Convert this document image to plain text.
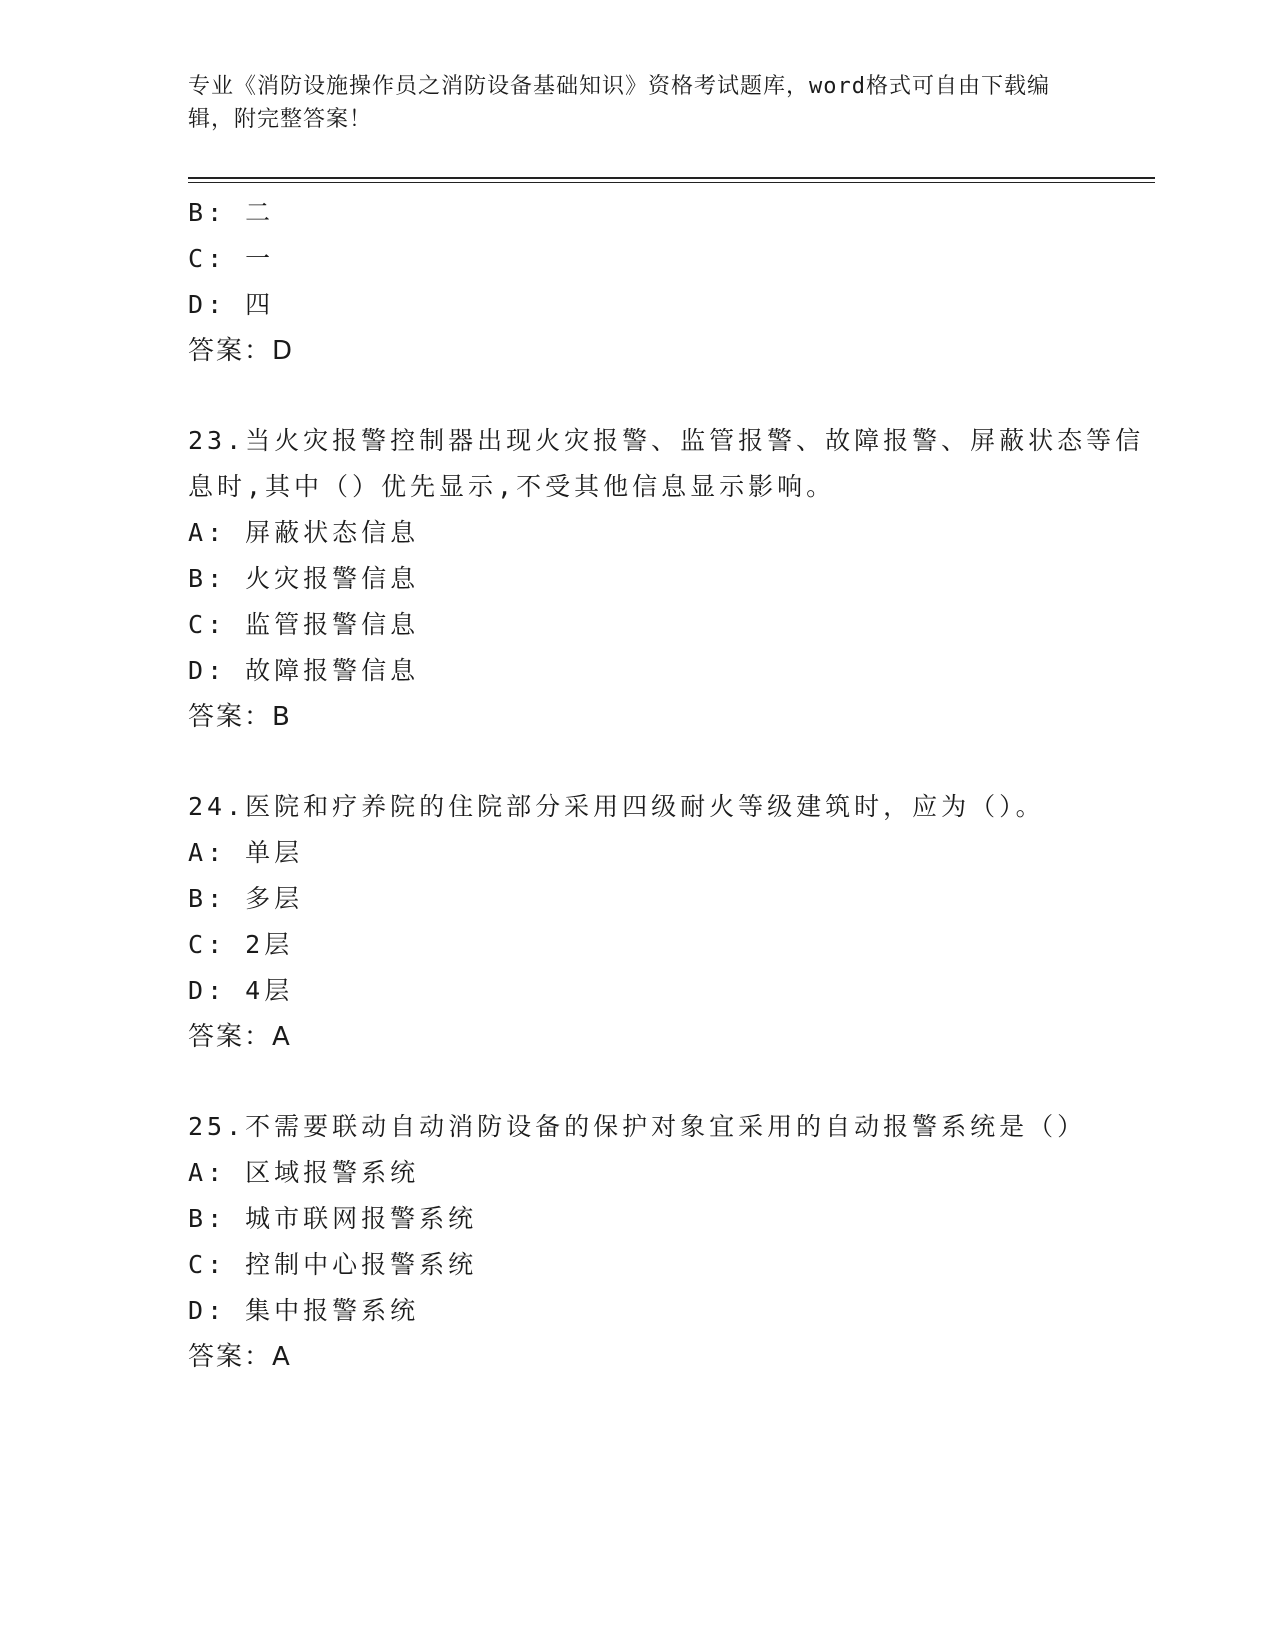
专业《消防设施操作员之消防设备基础知识》资格考试题库，word格式可自由下载编辑，附完整答案！
B: 二
C: 一
D: 四
答案：D
23.当火灾报警控制器出现火灾报警、监管报警、故障报警、屏蔽状态等信息时,其中（）优先显示,不受其他信息显示影响。
A: 屏蔽状态信息
B: 火灾报警信息
C: 监管报警信息
D: 故障报警信息
答案：B
24.医院和疗养院的住院部分采用四级耐火等级建筑时，应为（）。
A: 单层
B: 多层
C: 2层
D: 4层
答案：A
25.不需要联动自动消防设备的保护对象宜采用的自动报警系统是（）
A: 区域报警系统
B: 城市联网报警系统
C: 控制中心报警系统
D: 集中报警系统
答案：A
